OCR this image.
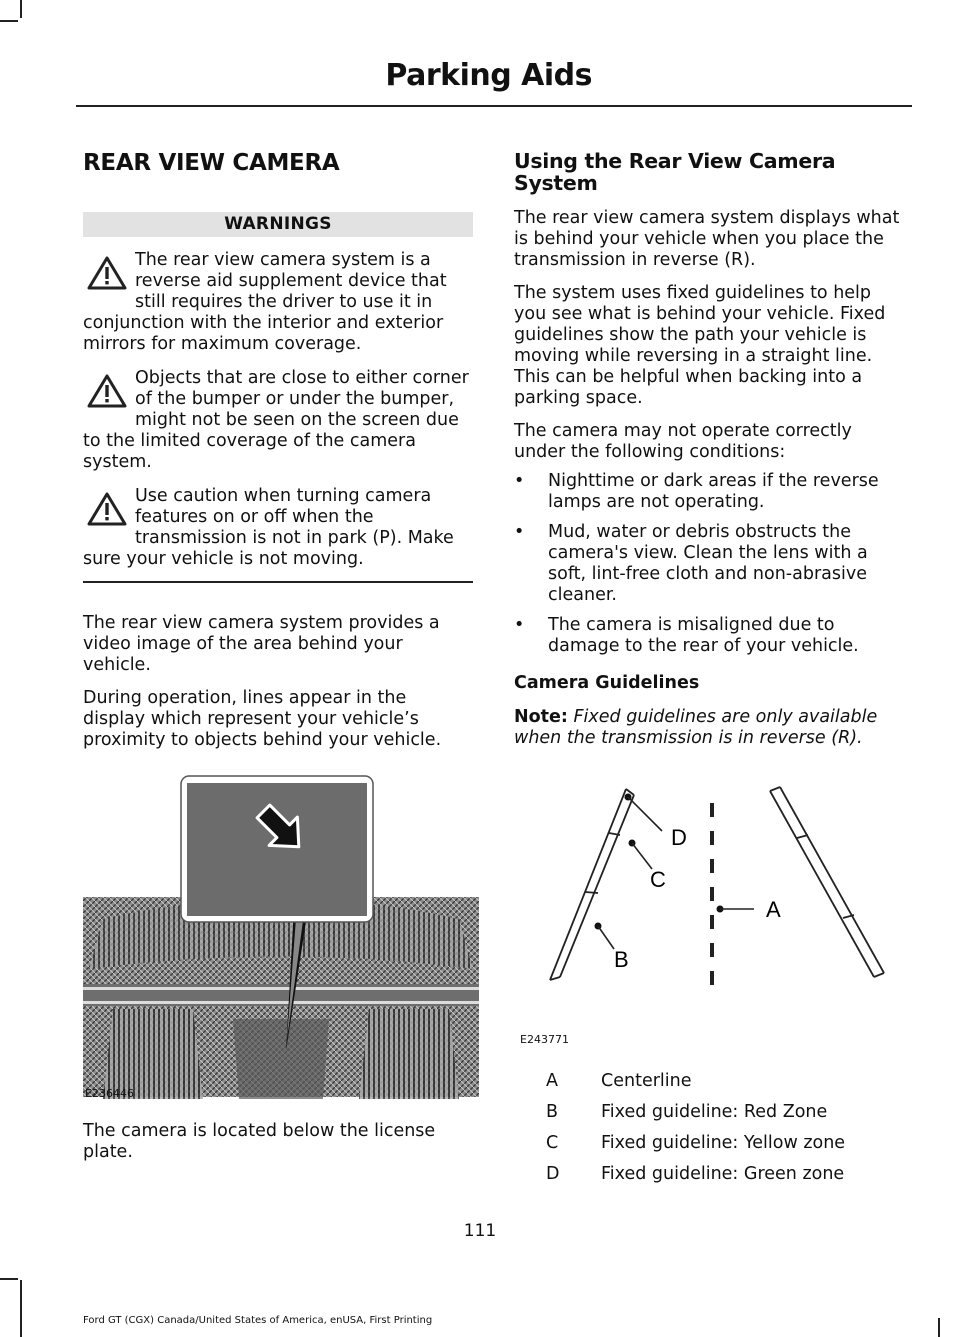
Parking Aids
REAR VIEW CAMERA
WARNINGS
The rear view camera system is a reverse aid supplement device that still requires the driver to use it in conjunction with the interior and exterior mirrors for maximum coverage.
Objects that are close to either corner of the bumper or under the bumper, might not be seen on the screen due to the limited coverage of the camera system.
Use caution when turning camera features on or off when the transmission is not in park (P). Make sure your vehicle is not moving.

The rear view camera system provides a video image of the area behind your vehicle.

During operation, lines appear in the display which represent your vehicle’s proximity to objects behind your vehicle.

E236446

The camera is located below the license plate.

Using the Rear View Camera System

The rear view camera system displays what is behind your vehicle when you place the transmission in reverse (R).

The system uses fixed guidelines to help you see what is behind your vehicle. Fixed guidelines show the path your vehicle is moving while reversing in a straight line. This can be helpful when backing into a parking space.

The camera may not operate correctly under the following conditions:

• Nighttime or dark areas if the reverse lamps are not operating.
• Mud, water or debris obstructs the camera's view. Clean the lens with a soft, lint-free cloth and non-abrasive cleaner.
• The camera is misaligned due to damage to the rear of your vehicle.
Camera Guidelines

Note: Fixed guidelines are only available when the transmission is in reverse (R).

D
C
A
B
E243771
A	Centerline
B	Fixed guideline: Red Zone
C	Fixed guideline: Yellow zone
D	Fixed guideline: Green zone
111
Ford GT (CGX) Canada/United States of America, enUSA, First Printing
